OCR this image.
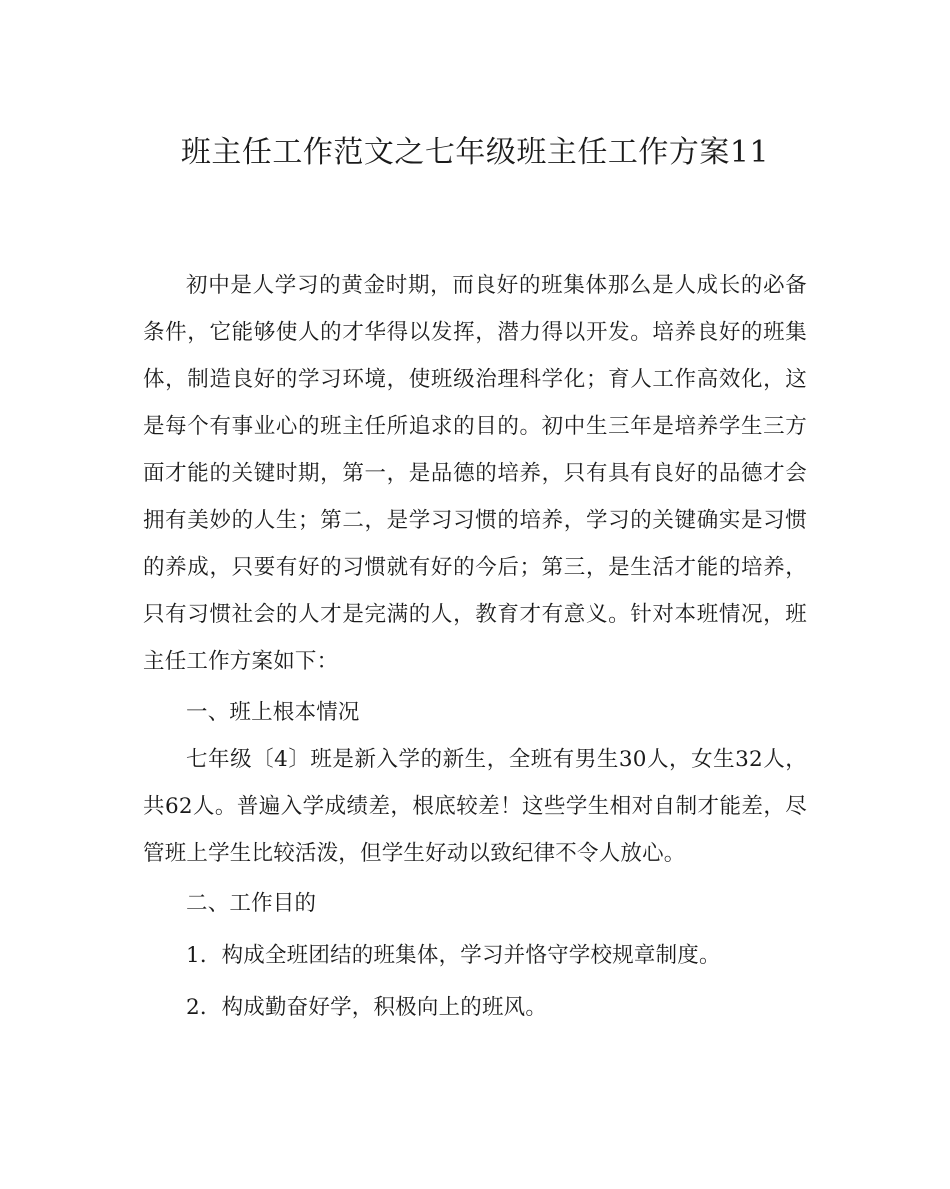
班主任工作范文之七年级班主任工作方案11

初中是人学习的黄金时期，而良好的班集体那么是人成长的必备条件，它能够使人的才华得以发挥，潜力得以开发。培养良好的班集体，制造良好的学习环境，使班级治理科学化；育人工作高效化，这是每个有事业心的班主任所追求的目的。初中生三年是培养学生三方面才能的关键时期，第一，是品德的培养，只有具有良好的品德才会拥有美妙的人生；第二，是学习习惯的培养，学习的关键确实是习惯的养成，只要有好的习惯就有好的今后；第三，是生活才能的培养，只有习惯社会的人才是完满的人，教育才有意义。针对本班情况，班主任工作方案如下：

一、班上根本情况

七年级〔4〕班是新入学的新生，全班有男生30人，女生32人，共62人。普遍入学成绩差，根底较差！这些学生相对自制才能差，尽管班上学生比较活泼，但学生好动以致纪律不令人放心。

二、工作目的

1．构成全班团结的班集体，学习并恪守学校规章制度。

2．构成勤奋好学，积极向上的班风。
